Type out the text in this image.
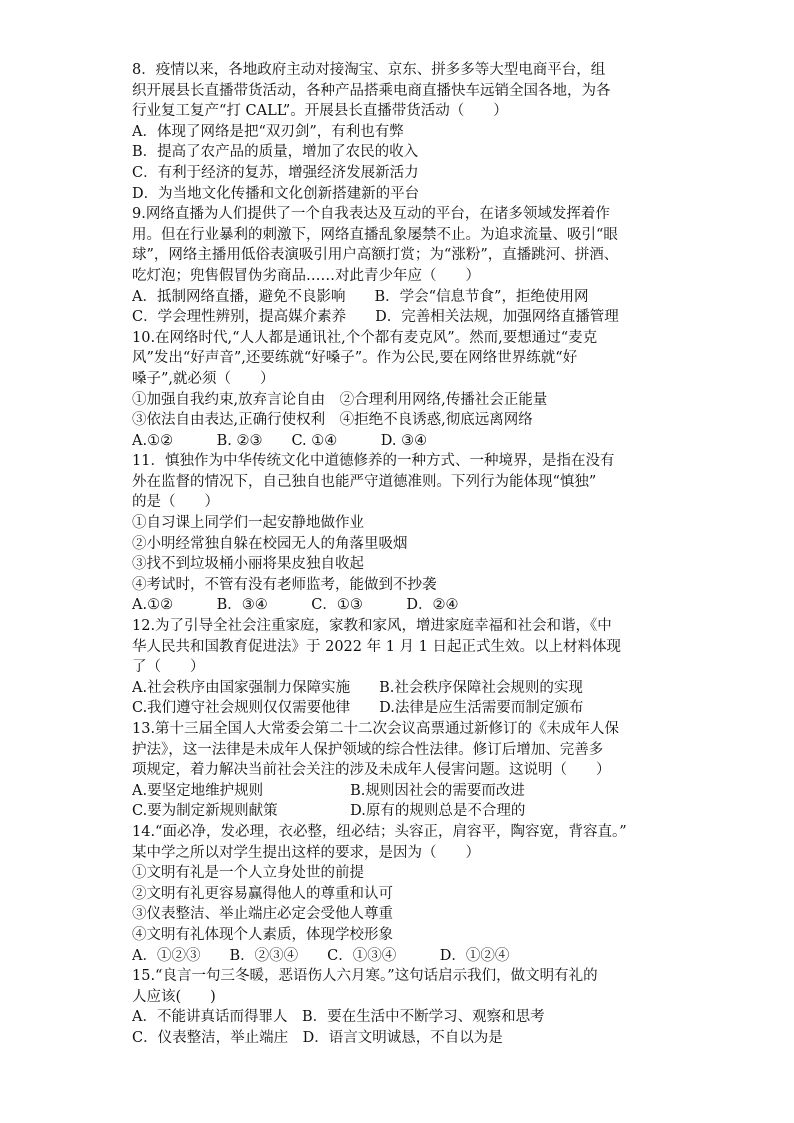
8．疫情以来，各地政府主动对接淘宝、京东、拼多多等大型电商平台，组
织开展县长直播带货活动，各种产品搭乘电商直播快车远销全国各地，为各
行业复工复产“打 CALL”。开展县长直播带货活动（　　）
A．体现了网络是把“双刃剑”，有利也有弊
B．提高了农产品的质量，增加了农民的收入
C．有利于经济的复苏，增强经济发展新活力
D．为当地文化传播和文化创新搭建新的平台
9.网络直播为人们提供了一个自我表达及互动的平台，在诸多领域发挥着作
用。但在行业暴利的刺激下，网络直播乱象屡禁不止。为追求流量、吸引“眼
球”，网络主播用低俗表演吸引用户高额打赏；为“涨粉”，直播跳河、拼酒、
吃灯泡；兜售假冒伪劣商品……对此青少年应（　　）
A．抵制网络直播，避免不良影响　　B．学会“信息节食”，拒绝使用网
C．学会理性辨别，提高媒介素养　　D．完善相关法规，加强网络直播管理
10.在网络时代,“人人都是通讯社,个个都有麦克风”。然而,要想通过“麦克
风”发出“好声音”,还要练就“好嗓子”。作为公民,要在网络世界练就“好
嗓子”,就必须（　　）
①加强自我约束,放弃言论自由　②合理利用网络,传播社会正能量
③依法自由表达,正确行使权利　④拒绝不良诱惑,彻底远离网络
A.①②　　　B. ②③　　C. ①④　　　D. ③④
11．慎独作为中华传统文化中道德修养的一种方式、一种境界，是指在没有
外在监督的情况下，自己独自也能严守道德准则。下列行为能体现“慎独”
的是（　　）
①自习课上同学们一起安静地做作业
②小明经常独自躲在校园无人的角落里吸烟
③找不到垃圾桶小丽将果皮独自收起
④考试时，不管有没有老师监考，能做到不抄袭
A.①②　　　B．③④　　　C．①③　　　D．②④
12.为了引导全社会注重家庭，家教和家风，增进家庭幸福和社会和谐，《中
华人民共和国教育促进法》于 2022 年 1 月 1 日起正式生效。以上材料体现
了（　　）
A.社会秩序由国家强制力保障实施　　B.社会秩序保障社会规则的实现
C.我们遵守社会规则仅仅需要他律　　D.法律是应生活需要而制定颁布
13.第十三届全国人大常委会第二十二次会议高票通过新修订的《未成年人保
护法》，这一法律是未成年人保护领域的综合性法律。修订后增加、完善多
项规定，着力解决当前社会关注的涉及未成年人侵害问题。这说明（　　）
A.要坚定地维护规则　　　　　　B.规则因社会的需要而改进
C.要为制定新规则献策　　　　　D.原有的规则总是不合理的
14.“面必净，发必理，衣必整，纽必结；头容正，肩容平，陶容宽，背容直。”
某中学之所以对学生提出这样的要求，是因为（　　）
①文明有礼是一个人立身处世的前提
②文明有礼更容易赢得他人的尊重和认可
③仪表整洁、举止端庄必定会受他人尊重
④文明有礼体现个人素质，体现学校形象
A．①②③　　B．②③④　　C．①③④　　　D．①②④
15.“良言一句三冬暖，恶语伤人六月寒。”这句话启示我们，做文明有礼的
人应该(　　)
A．不能讲真话而得罪人　B．要在生活中不断学习、观察和思考
C．仪表整洁，举止端庄　D．语言文明诚恳，不自以为是
